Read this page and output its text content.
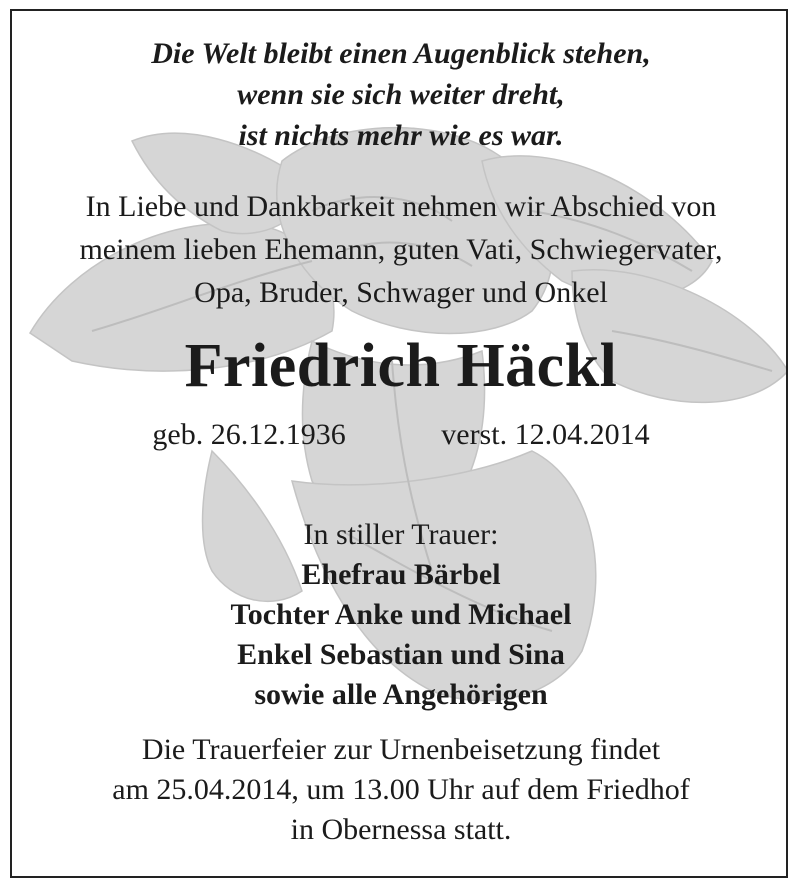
Die Welt bleibt einen Augenblick stehen,
wenn sie sich weiter dreht,
ist nichts mehr wie es war.
In Liebe und Dankbarkeit nehmen wir Abschied von
meinem lieben Ehemann, guten Vati, Schwiegervater,
Opa, Bruder, Schwager und Onkel
Friedrich Häckl
geb. 26.12.1936	verst. 12.04.2014
In stiller Trauer:
Ehefrau Bärbel
Tochter Anke und Michael
Enkel Sebastian und Sina
sowie alle Angehörigen
Die Trauerfeier zur Urnenbeisetzung findet
am 25.04.2014, um 13.00 Uhr auf dem Friedhof
in Obernessa statt.
